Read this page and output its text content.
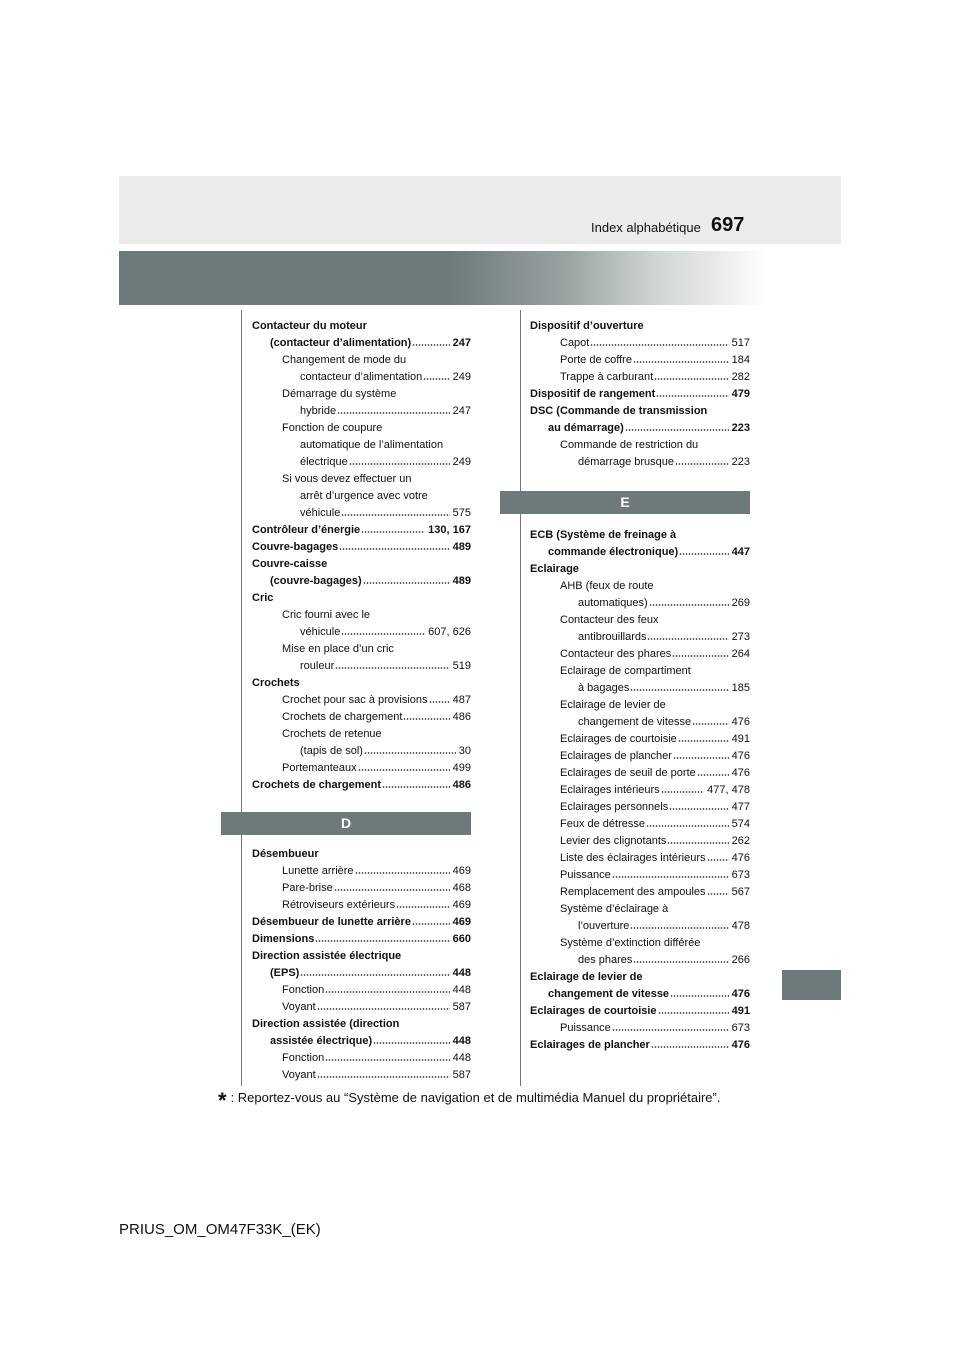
697
Index alphabétique
Contacteur du moteur
(contacteur d’alimentation)	247
Changement de mode du
contacteur d’alimentation	249
Démarrage du système
hybride	247
Fonction de coupure
automatique de l’alimentation
électrique	249
Si vous devez effectuer un
arrêt d’urgence avec votre
véhicule	575
Contrôleur d’énergie	130, 167
Couvre-bagages	489
Couvre-caisse
(couvre-bagages)	489
Cric
Cric fourni avec le
véhicule	607, 626
Mise en place d’un cric
rouleur	519
Crochets
Crochet pour sac à provisions 487
Crochets de chargement	486
Crochets de retenue
(tapis de sol)	30
Portemanteaux	499
Crochets de chargement	486
D
Désembueur
Lunette arrière	469
Pare-brise	468
Rétroviseurs extérieurs	469
Désembueur de lunette arrière	469
Dimensions	660
Direction assistée électrique
(EPS)	448
Fonction	448
Voyant	587
Direction assistée (direction
assistée électrique)	448
Fonction	448
Voyant	587
Dispositif d’ouverture
Capot	517
Porte de coffre	184
Trappe à carburant	282
Dispositif de rangement	479
DSC (Commande de transmission
au démarrage)	223
Commande de restriction du
démarrage brusque	223
E
ECB (Système de freinage à
commande électronique)	447
Eclairage
AHB (feux de route
automatiques)	269
Contacteur des feux
antibrouillards	273
Contacteur des phares	264
Eclairage de compartiment
à bagages	185
Eclairage de levier de
changement de vitesse	476
Eclairages de courtoisie	491
Eclairages de plancher	476
Eclairages de seuil de porte	476
Eclairages intérieurs	477, 478
Eclairages personnels	477
Feux de détresse	574
Levier des clignotants	262
Liste des éclairages intérieurs 476
Puissance	673
Remplacement des ampoules 567
Système d’éclairage à
l’ouverture	478
Système d’extinction différée
des phares	266
Eclairage de levier de
changement de vitesse	476
Eclairages de courtoisie	491
Puissance	673
Eclairages de plancher	476
* : Reportez-vous au “Système de navigation et de multimédia Manuel du propriétaire”.
PRIUS_OM_OM47F33K_(EK)
